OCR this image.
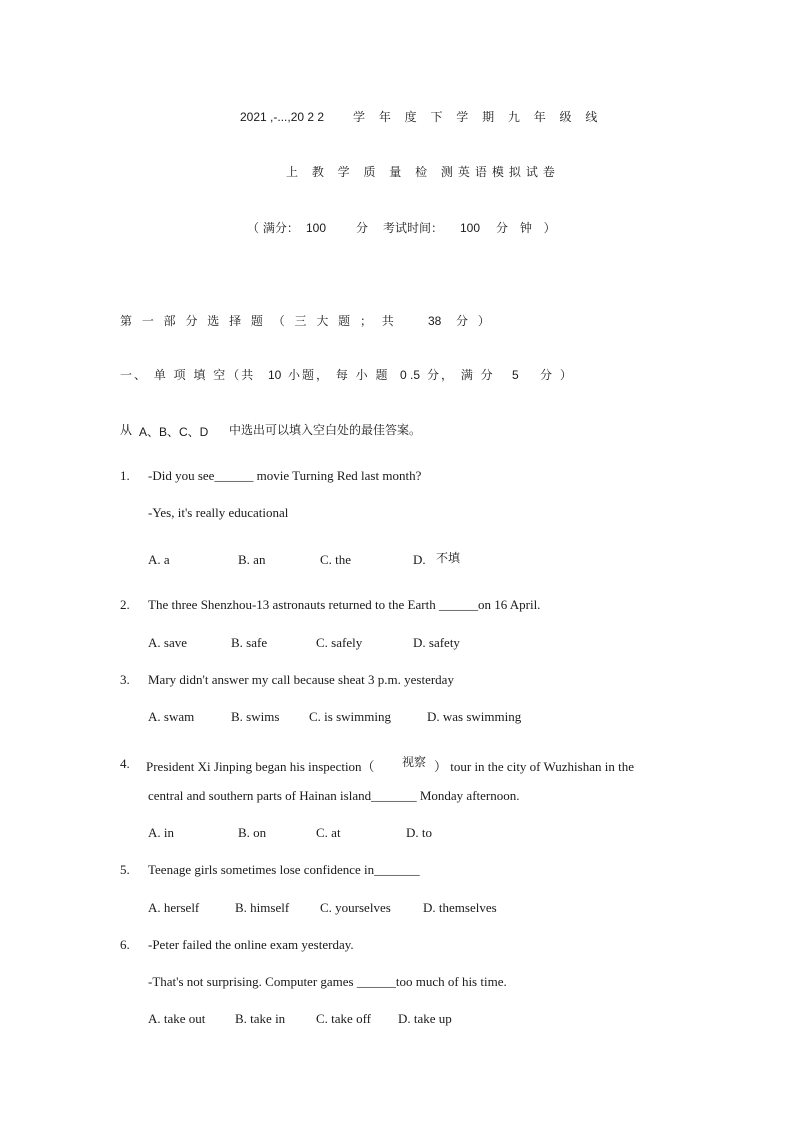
2021 ,-...,20 2 2 学 年 度 下 学 期 九 年 级 线
上 教 学 质 量 检 测英语模拟试卷
（ 满分： 100 分 考试时间： 100 分 钟 ）
第 一 部 分 选 择 题 （ 三 大 题 ； 共	38 分 ）
一、 单 项 填 空（共 10 小题， 每 小 题 0 .5 分， 满 分 5 分 ）
从 A、B、C、D 中选出可以填入空白处的最佳答案。
1. -Did you see______ movie Turning Red last month?
-Yes, it's really educational
A. a	B. an	C. the	D. 不填
2. The three Shenzhou-13 astronauts returned to the Earth ______on 16 April.
A. save	B. safe	C. safely	D. safety
3. Mary didn't answer my call because sheat 3 p.m. yesterday
A. swam	B. swims C. is swimming	D. was swimming
4. President Xi Jinping began his inspection（ 视察 ） tour in the city of Wuzhishan in the
central and southern parts of Hainan island_______ Monday afternoon.
A. in	B. on	C. at	D. to
5. Teenage girls sometimes lose confidence in_______
A. herself	B. himself C. yourselves D. themselves
6. -Peter failed the online exam yesterday.
-That's not surprising. Computer games ______too much of his time.
A. take out B. take in C. take off D. take up
